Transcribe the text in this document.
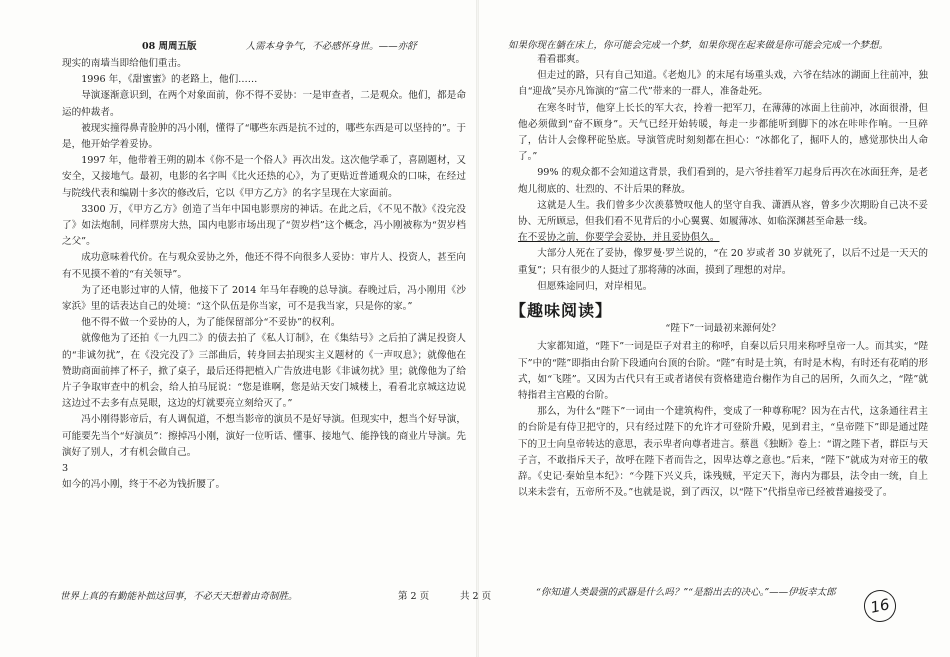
08 周周五版	人需本身争气，不必感怀身世。——亦舒

现实的南墙当即给他们重击。

1996 年，《甜蜜蜜》的老路上，他们……

导演逐渐意识到，在两个对象面前，你不得不妥协：一是审查者，二是观众。他们，都是命运的仲裁者。

被现实撞得鼻青脸肿的冯小刚，懂得了“哪些东西是抗不过的，哪些东西是可以坚持的”。于是，他开始学着妥协。

1997 年，他带着王朔的剧本《你不是一个俗人》再次出发。这次他学乖了，喜剧题材，又安全，又接地气。最初，电影的名字叫《比火还热的心》，为了更贴近普通观众的口味，在经过与院线代表和编剧十多次的修改后，它以《甲方乙方》的名字呈现在大家面前。

3300 万，《甲方乙方》创造了当年中国电影票房的神话。在此之后，《不见不散》《没完没了》如法炮制，同样票房大热，国内电影市场出现了“贺岁档”这个概念，冯小刚被称为“贺岁档之父”。

成功意味着代价。在与观众妥协之外，他还不得不向很多人妥协：审片人、投资人，甚至向有不见摸不着的“有关领导”。

为了还电影过审的人情，他接下了 2014 年马年春晚的总导演。春晚过后，冯小刚用《沙家浜》里的话表达自己的处境：“这个队伍是你当家，可不是我当家，只是你的家。”

他不得不做一个妥协的人，为了能保留部分“不妥协”的权利。

就像他为了还拍《一九四二》的债去拍了《私人订制》，在《集结号》之后拍了满足投资人的“非诚勿扰”，在《没完没了》三部曲后，转身回去拍现实主义题材的《一声叹息》；就像他在赞助商面前摔了杯子，掀了桌子，最后还得把植入广告放进电影《非诚勿扰》里；就像他为了给片子争取审查中的机会，给人拍马屁说：“您是谁啊，您是站天安门城楼上，看看北京城这边说这边过不去多有点晃眼，这边的灯就要亮立刻给灭了。”

冯小刚得影帝后，有人调侃道，不想当影帝的演员不是好导演。但现实中，想当个好导演，可能要先当个“好演员”：擦掉冯小刚，演好一位听话、懂事、接地气、能挣钱的商业片导演。先演好了别人，才有机会做自己。

3

如今的冯小刚，终于不必为钱折腰了。

世界上真的有勤能补拙这回事，不必天天想着由奇制胜。	第 2 页	共 2 页
如果你现在躺在床上，你可能会完成一个梦，如果你现在起来做是你可能会完成一个梦想。

看看郡爽。

但走过的路，只有自己知道。《老炮儿》的末尾有场重头戏，六爷在结冰的湖面上往前冲，独自“迎战”吴亦凡饰演的“富二代”带来的一群人，准备赴死。

在寒冬时节，他穿上长长的军大衣，拎着一把军刀，在薄薄的冰面上往前冲，冰面很滑，但他必须做到“奋不顾身”。天气已经开始转暖，每走一步都能听到脚下的冰在咔咔作响。一旦碎了，估计人会像秤砣坠底。导演管虎时刻刻都在担心：“冰都化了，掘吓人的，感觉那快出人命了。”

99% 的观众都不会知道这背景，我们看到的，是六爷挂着军刀起身后再次在冰面狂奔，是老炮儿彻底的、壮烈的、不计后果的释放。

这就是人生。我们曾多少次羡慕赞叹他人的坚守自我、潇洒从容，曾多少次期盼自己决不妥协、无所顾忌，但我们看不见背后的小心翼翼、如履薄冰、如临深渊甚至命悬一线。

在不妥协之前，你要学会妥协，并且妥协俱久。

大部分人死在了妥协，像罗曼·罗兰说的，“在 20 岁或者 30 岁就死了，以后不过是一天天的重复”；只有很少的人挺过了那将薄的冰面，摸到了理想的对岸。

但愿殊途同归，对岸相见。

【趣味阅读】

“陛下”一词最初来源何处？

大家都知道，“陛下”一词是臣子对君主的称呼，自秦以后只用来称呼皇帝一人。而其实，“陛下”中的“陛”即指由台阶下段通向台顶的台阶。“陛”有时是土筑，有时是木构，有时还有花哨的形式，如“飞陛”。又因为古代只有王或者诸侯有资格建造台榭作为自己的居所，久而久之，“陛”就特指君主宫殿的台阶。

那么，为什么“陛下”一词由一个建筑构件，变成了一种尊称呢？因为在古代，这条通往君主的台阶是有侍卫把守的，只有经过陛下的允许才可登阶升殿，见到君主，“皇帝陛下”即是通过陛下的卫士向皇帝转达的意思，表示卑者向尊者进言。蔡邕《独断》卷上：“谓之陛下者，群臣与天子言，不敢指斥天子，故呼在陛下者而告之，因卑达尊之意也。”后来，“陛下”就成为对帝王的敬辞。《史记·秦始皇本纪》：“今陛下兴义兵，诛残贼，平定天下，海内为郡县，法令由一统，自上以来未尝有，五帝所不及。”也就是说，到了西汉，以“陛下”代指皇帝已经被普遍接受了。

“你知道人类最强的武器是什么吗？”“是豁出去的决心。”——伊坂幸太郎
16
